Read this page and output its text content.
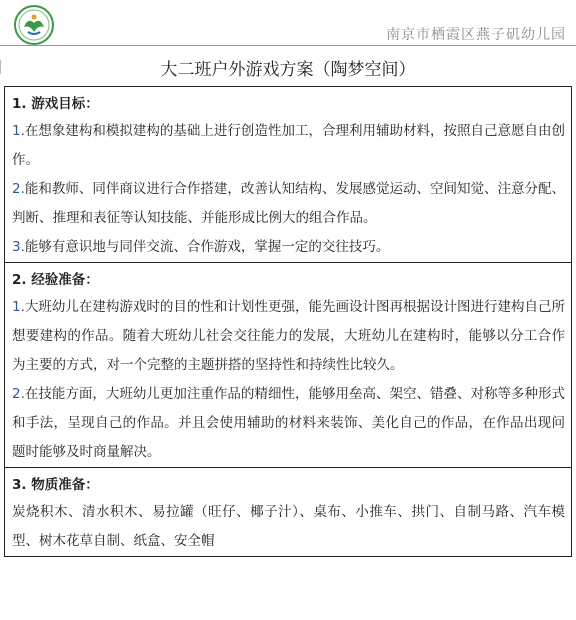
南京市栖霞区燕子矶幼儿园
大二班户外游戏方案（陶梦空间）
1. 游戏目标：
1.在想象建构和模拟建构的基础上进行创造性加工，合理利用辅助材料，按照自己意愿自由创作。
2.能和教师、同伴商议进行合作搭建，改善认知结构、发展感觉运动、空间知觉、注意分配、判断、推理和表征等认知技能、并能形成比例大的组合作品。
3.能够有意识地与同伴交流、合作游戏，掌握一定的交往技巧。
2. 经验准备：
1.大班幼儿在建构游戏时的目的性和计划性更强，能先画设计图再根据设计图进行建构自己所想要建构的作品。随着大班幼儿社会交往能力的发展，大班幼儿在建构时，能够以分工合作为主要的方式，对一个完整的主题拼搭的坚持性和持续性比较久。
2.在技能方面，大班幼儿更加注重作品的精细性，能够用垒高、架空、错叠、对称等多种形式和手法，呈现自己的作品。并且会使用辅助的材料来装饰、美化自己的作品，在作品出现问题时能够及时商量解决。
3. 物质准备：
炭烧积木、清水积木、易拉罐（旺仔、椰子汁）、桌布、小推车、拱门、自制马路、汽车模型、树木花草自制、纸盒、安全帽
